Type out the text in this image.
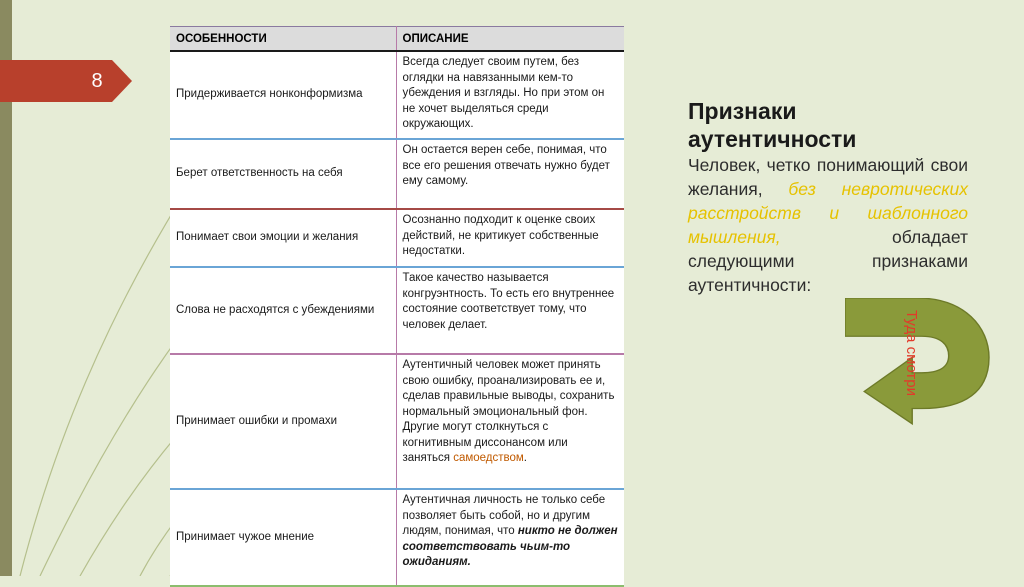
8
ОСОБЕННОСТИ	ОПИСАНИЕ
Придерживается нонконформизма	Всегда следует своим путем, без оглядки на навязанными кем-то убеждения и взгляды. Но при этом он не хочет выделяться среди окружающих.
Берет ответственность на себя	Он остается верен себе, понимая, что все его решения отвечать нужно будет ему самому.
Понимает свои эмоции и желания	Осознанно подходит к оценке своих действий, не критикует собственные недостатки.
Слова не расходятся с убеждениями	Такое качество называется конгруэнтность. То есть его внутреннее состояние соответствует тому, что человек делает.
Принимает ошибки и промахи	Аутентичный человек может принять свою ошибку, проанализировать ее и, сделав правильные выводы, сохранить нормальный эмоциональный фон. Другие могут столкнуться с когнитивным диссонансом или заняться самоедством.
Принимает чужое мнение	Аутентичная личность не только себе позволяет быть собой, но и другим людям, понимая, что никто не должен соответствовать чьим-то ожиданиям.

Признаки аутентичности

Человек, четко понимающий свои желания, без невротических расстройств и шаблонного мышления, обладает следующими признаками аутентичности:

Туда смотри
